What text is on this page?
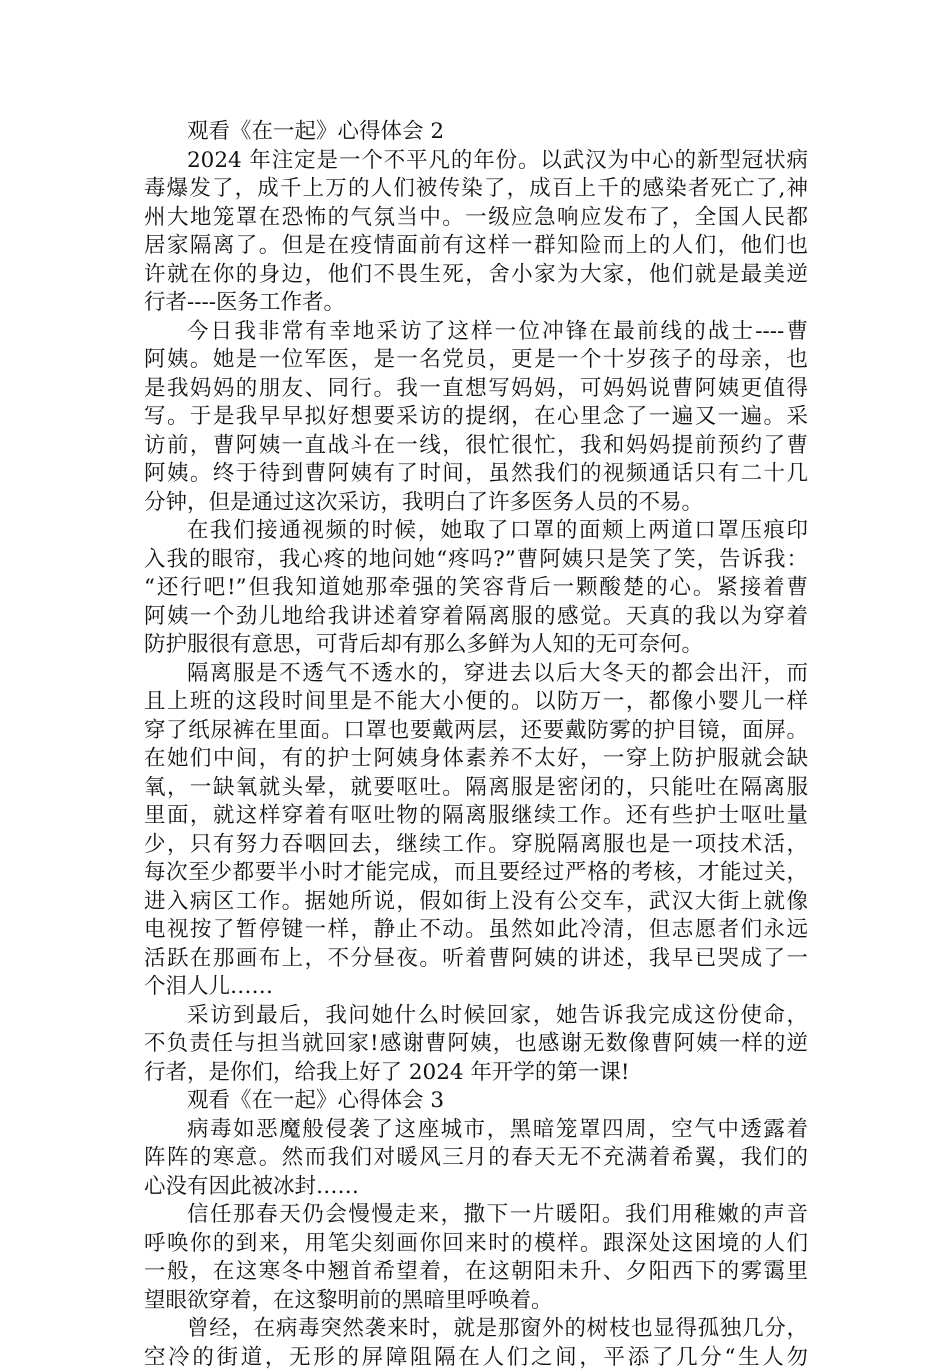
观看《在一起》心得体会 2
2024 年注定是一个不平凡的年份。以武汉为中心的新型冠状病
毒爆发了，成千上万的人们被传染了，成百上千的感染者死亡了,神
州大地笼罩在恐怖的气氛当中。一级应急响应发布了，全国人民都
居家隔离了。但是在疫情面前有这样一群知险而上的人们，他们也
许就在你的身边，他们不畏生死，舍小家为大家，他们就是最美逆
行者----医务工作者。
今日我非常有幸地采访了这样一位冲锋在最前线的战士----曹
阿姨。她是一位军医，是一名党员，更是一个十岁孩子的母亲，也
是我妈妈的朋友、同行。我一直想写妈妈，可妈妈说曹阿姨更值得
写。于是我早早拟好想要采访的提纲，在心里念了一遍又一遍。采
访前，曹阿姨一直战斗在一线，很忙很忙，我和妈妈提前预约了曹
阿姨。终于待到曹阿姨有了时间，虽然我们的视频通话只有二十几
分钟，但是通过这次采访，我明白了许多医务人员的不易。
在我们接通视频的时候，她取了口罩的面颊上两道口罩压痕印
入我的眼帘，我心疼的地问她“疼吗?”曹阿姨只是笑了笑，告诉我：
“还行吧!”但我知道她那牵强的笑容背后一颗酸楚的心。紧接着曹
阿姨一个劲儿地给我讲述着穿着隔离服的感觉。天真的我以为穿着
防护服很有意思，可背后却有那么多鲜为人知的无可奈何。
隔离服是不透气不透水的，穿进去以后大冬天的都会出汗，而
且上班的这段时间里是不能大小便的。以防万一，都像小婴儿一样
穿了纸尿裤在里面。口罩也要戴两层，还要戴防雾的护目镜，面屏。
在她们中间，有的护士阿姨身体素养不太好，一穿上防护服就会缺
氧，一缺氧就头晕，就要呕吐。隔离服是密闭的，只能吐在隔离服
里面，就这样穿着有呕吐物的隔离服继续工作。还有些护士呕吐量
少，只有努力吞咽回去，继续工作。穿脱隔离服也是一项技术活，
每次至少都要半小时才能完成，而且要经过严格的考核，才能过关，
进入病区工作。据她所说，假如街上没有公交车，武汉大街上就像
电视按了暂停键一样，静止不动。虽然如此冷清，但志愿者们永远
活跃在那画布上，不分昼夜。听着曹阿姨的讲述，我早已哭成了一
个泪人儿……
采访到最后，我问她什么时候回家，她告诉我完成这份使命，
不负责任与担当就回家!感谢曹阿姨，也感谢无数像曹阿姨一样的逆
行者，是你们，给我上好了 2024 年开学的第一课!
观看《在一起》心得体会 3
病毒如恶魔般侵袭了这座城市，黑暗笼罩四周，空气中透露着
阵阵的寒意。然而我们对暖风三月的春天无不充满着希翼，我们的
心没有因此被冰封……
信任那春天仍会慢慢走来，撒下一片暖阳。我们用稚嫩的声音
呼唤你的到来，用笔尖刻画你回来时的模样。跟深处这困境的人们
一般，在这寒冬中翘首希望着，在这朝阳未升、夕阳西下的雾霭里
望眼欲穿着，在这黎明前的黑暗里呼唤着。
曾经，在病毒突然袭来时，就是那窗外的树枝也显得孤独几分，
空冷的街道，无形的屏障阻隔在人们之间，平添了几分“生人勿
